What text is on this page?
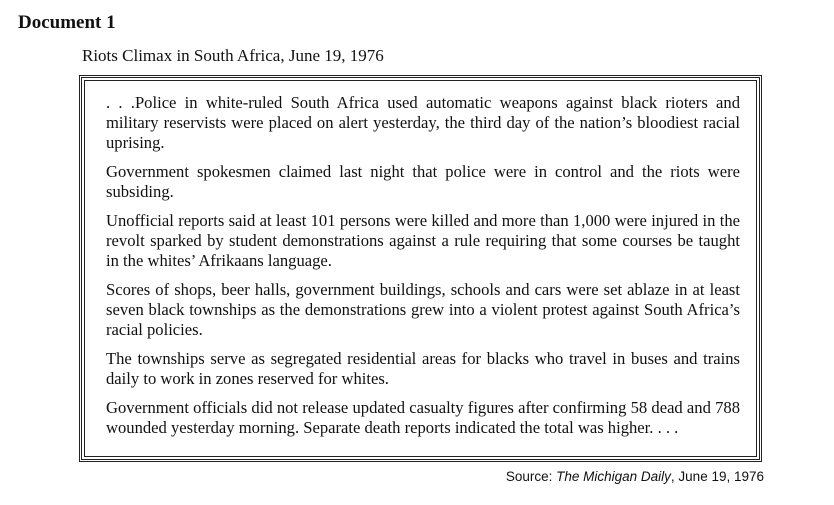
Document 1

Riots Climax in South Africa, June 19, 1976

. . .Police in white-ruled South Africa used automatic weapons against black rioters and military reservists were placed on alert yesterday, the third day of the nation’s bloodiest racial uprising.

Government spokesmen claimed last night that police were in control and the riots were subsiding.

Unofficial reports said at least 101 persons were killed and more than 1,000 were injured in the revolt sparked by student demonstrations against a rule requiring that some courses be taught in the whites’ Afrikaans language.

Scores of shops, beer halls, government buildings, schools and cars were set ablaze in at least seven black townships as the demonstrations grew into a violent protest against South Africa’s racial policies.

The townships serve as segregated residential areas for blacks who travel in buses and trains daily to work in zones reserved for whites.

Government officials did not release updated casualty figures after confirming 58 dead and 788 wounded yesterday morning. Separate death reports indicated the total was higher. . . .

Source: The Michigan Daily, June 19, 1976
